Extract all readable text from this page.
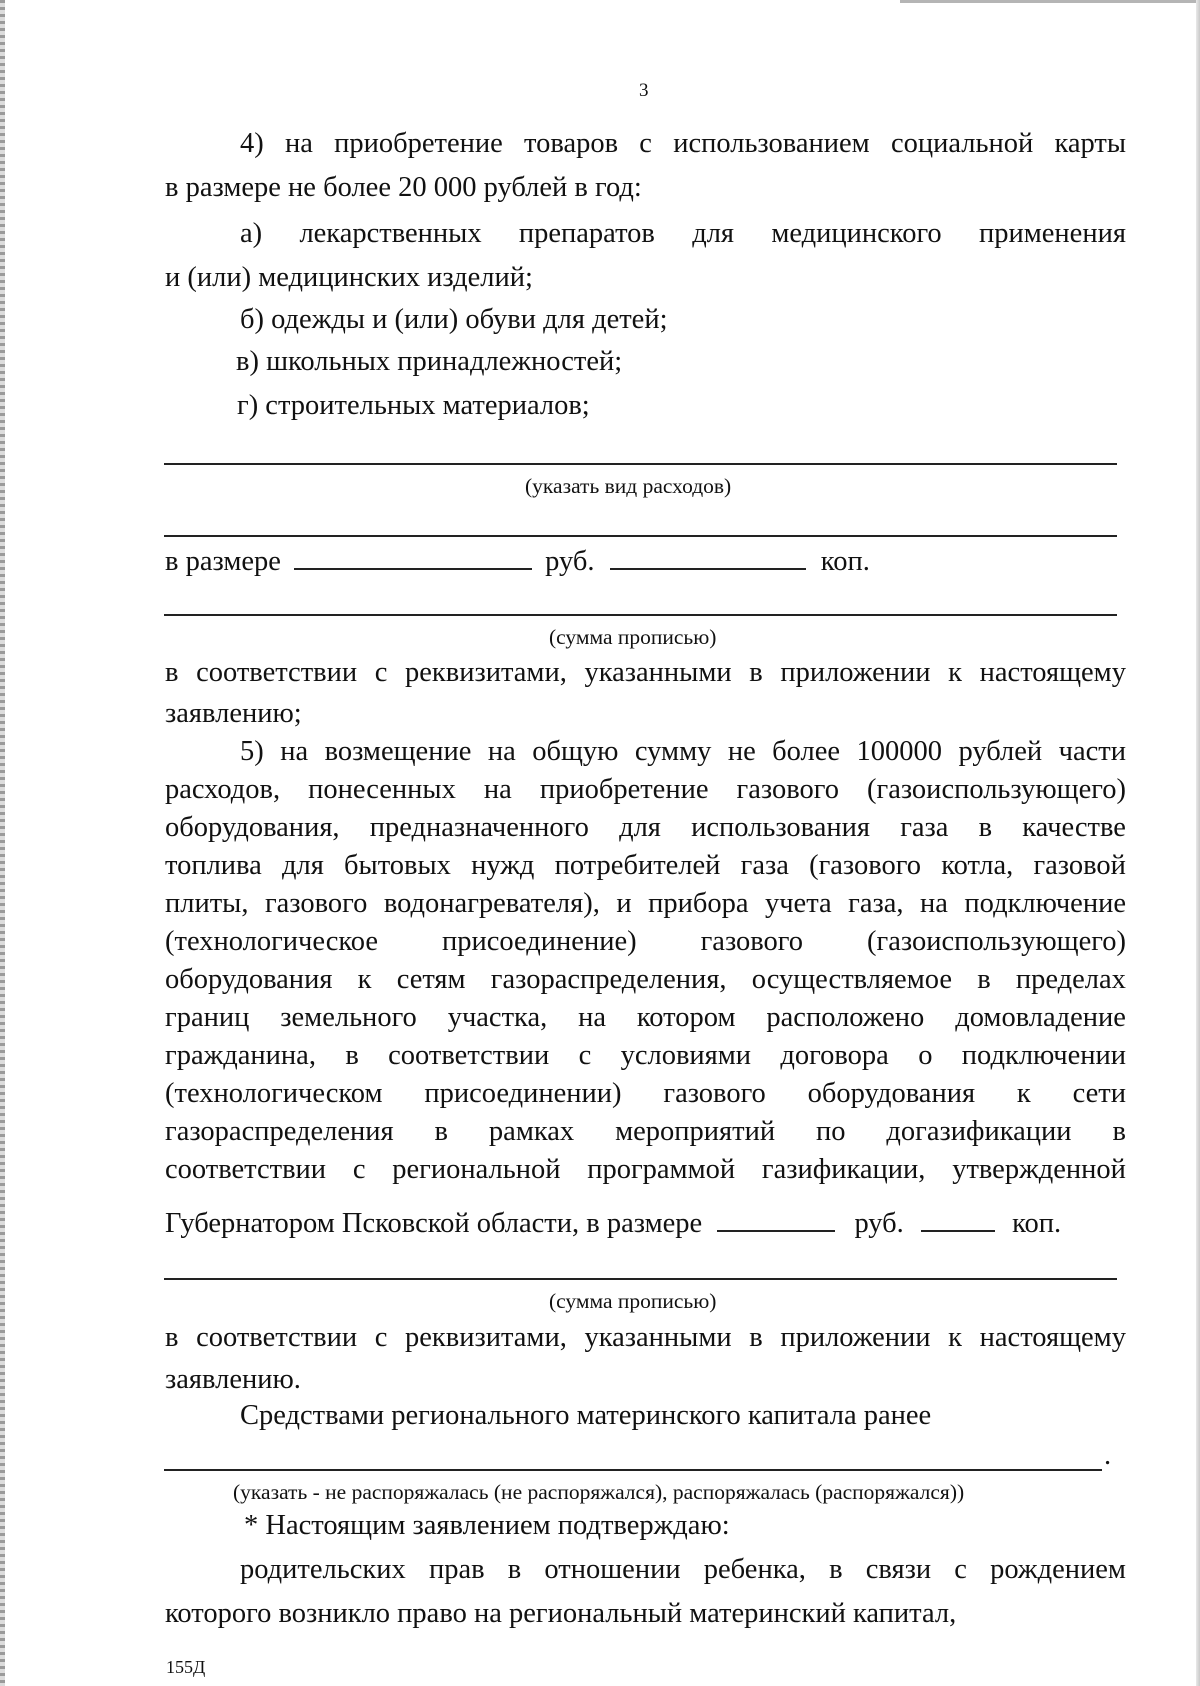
3
4) на приобретение товаров с использованием социальной карты
в размере не более 20 000 рублей в год:
а) лекарственных препаратов для медицинского применения
и (или) медицинских изделий;
б) одежды и (или) обуви для детей;
в) школьных принадлежностей;
г) строительных материалов;
(указать вид расходов)
в размере	руб.	коп.
(сумма прописью)
в соответствии с реквизитами, указанными в приложении к настоящему
заявлению;
5) на возмещение на общую сумму не более 100000 рублей части
расходов, понесенных на приобретение газового (газоиспользующего)
оборудования, предназначенного для использования газа в качестве
топлива для бытовых нужд потребителей газа (газового котла, газовой
плиты, газового водонагревателя), и прибора учета газа, на подключение
(технологическое присоединение) газового (газоиспользующего)
оборудования к сетям газораспределения, осуществляемое в пределах
границ земельного участка, на котором расположено домовладение
гражданина, в соответствии с условиями договора о подключении
(технологическом присоединении) газового оборудования к сети
газораспределения в рамках мероприятий по догазификации в
соответствии с региональной программой газификации, утвержденной
Губернатором Псковской области, в размере	руб.	коп.
(сумма прописью)
в соответствии с реквизитами, указанными в приложении к настоящему
заявлению.
Средствами регионального материнского капитала ранее
.
(указать - не распоряжалась (не распоряжался), распоряжалась (распоряжался))
* Настоящим заявлением подтверждаю:
родительских прав в отношении ребенка, в связи с рождением
которого возникло право на региональный материнский капитал,
155Д
